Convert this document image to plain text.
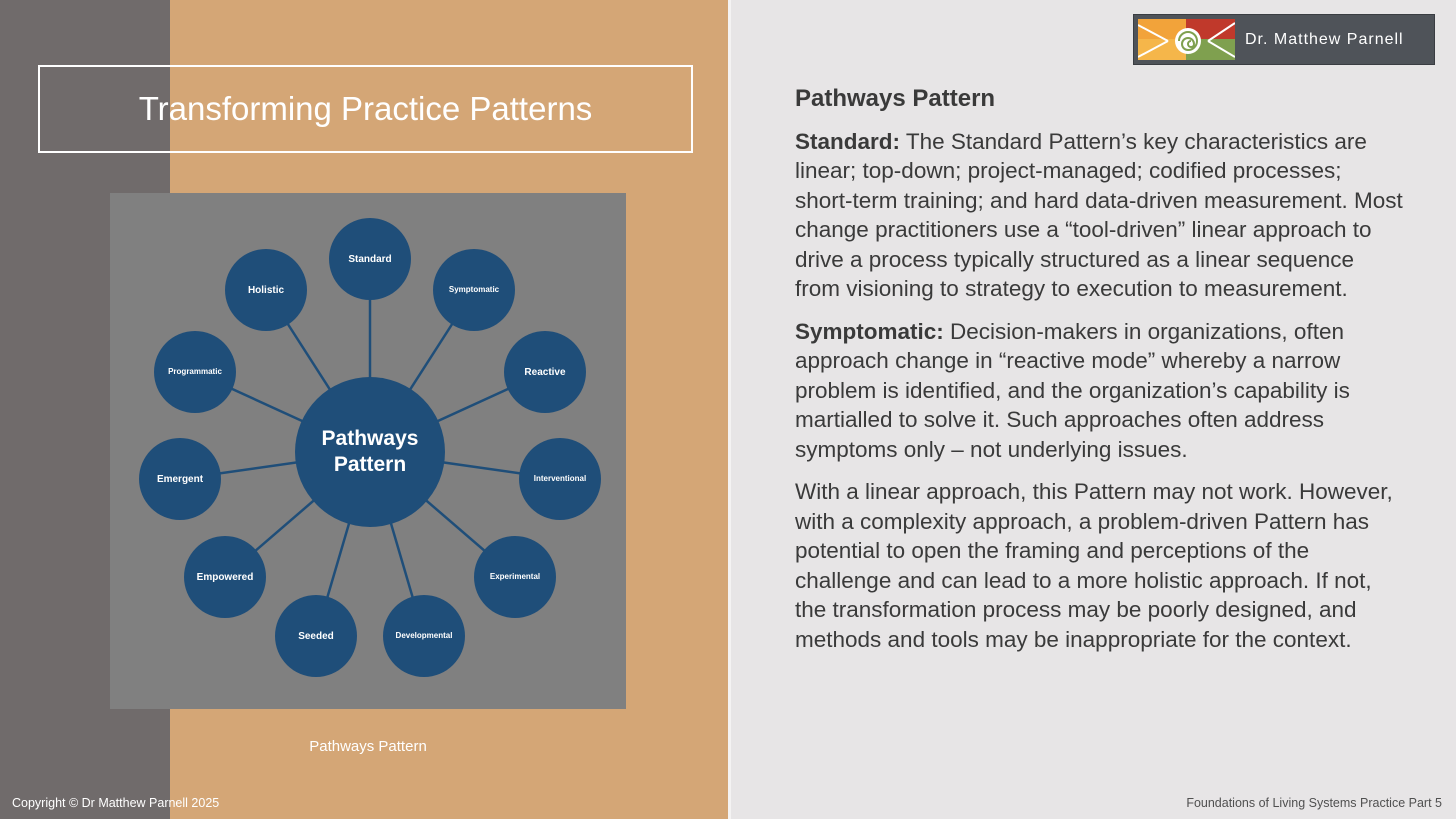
Transforming Practice Patterns
Standard
Symptomatic
Reactive
Interventional
Experimental
Developmental
Seeded
Empowered
Emergent
Programmatic
Holistic
Pathways
Pattern
Pathways Pattern
Copyright © Dr Matthew Parnell 2025	Foundations of Living Systems Practice Part 5
Dr. Matthew Parnell
Pathways Pattern

Standard: The Standard Pattern’s key characteristics are linear; top-down; project-managed; codified processes; short-term training; and hard data-driven measurement. Most change practitioners use a “tool-driven” linear approach to drive a process typically structured as a linear sequence from visioning to strategy to execution to measurement.

Symptomatic: Decision-makers in organizations, often approach change in “reactive mode” whereby a narrow problem is identified, and the organization’s capability is martialled to solve it. Such approaches often address symptoms only – not underlying issues.

With a linear approach, this Pattern may not work. However, with a complexity approach, a problem-driven Pattern has potential to open the framing and perceptions of the challenge and can lead to a more holistic approach. If not, the transformation process may be poorly designed, and methods and tools may be inappropriate for the context.
